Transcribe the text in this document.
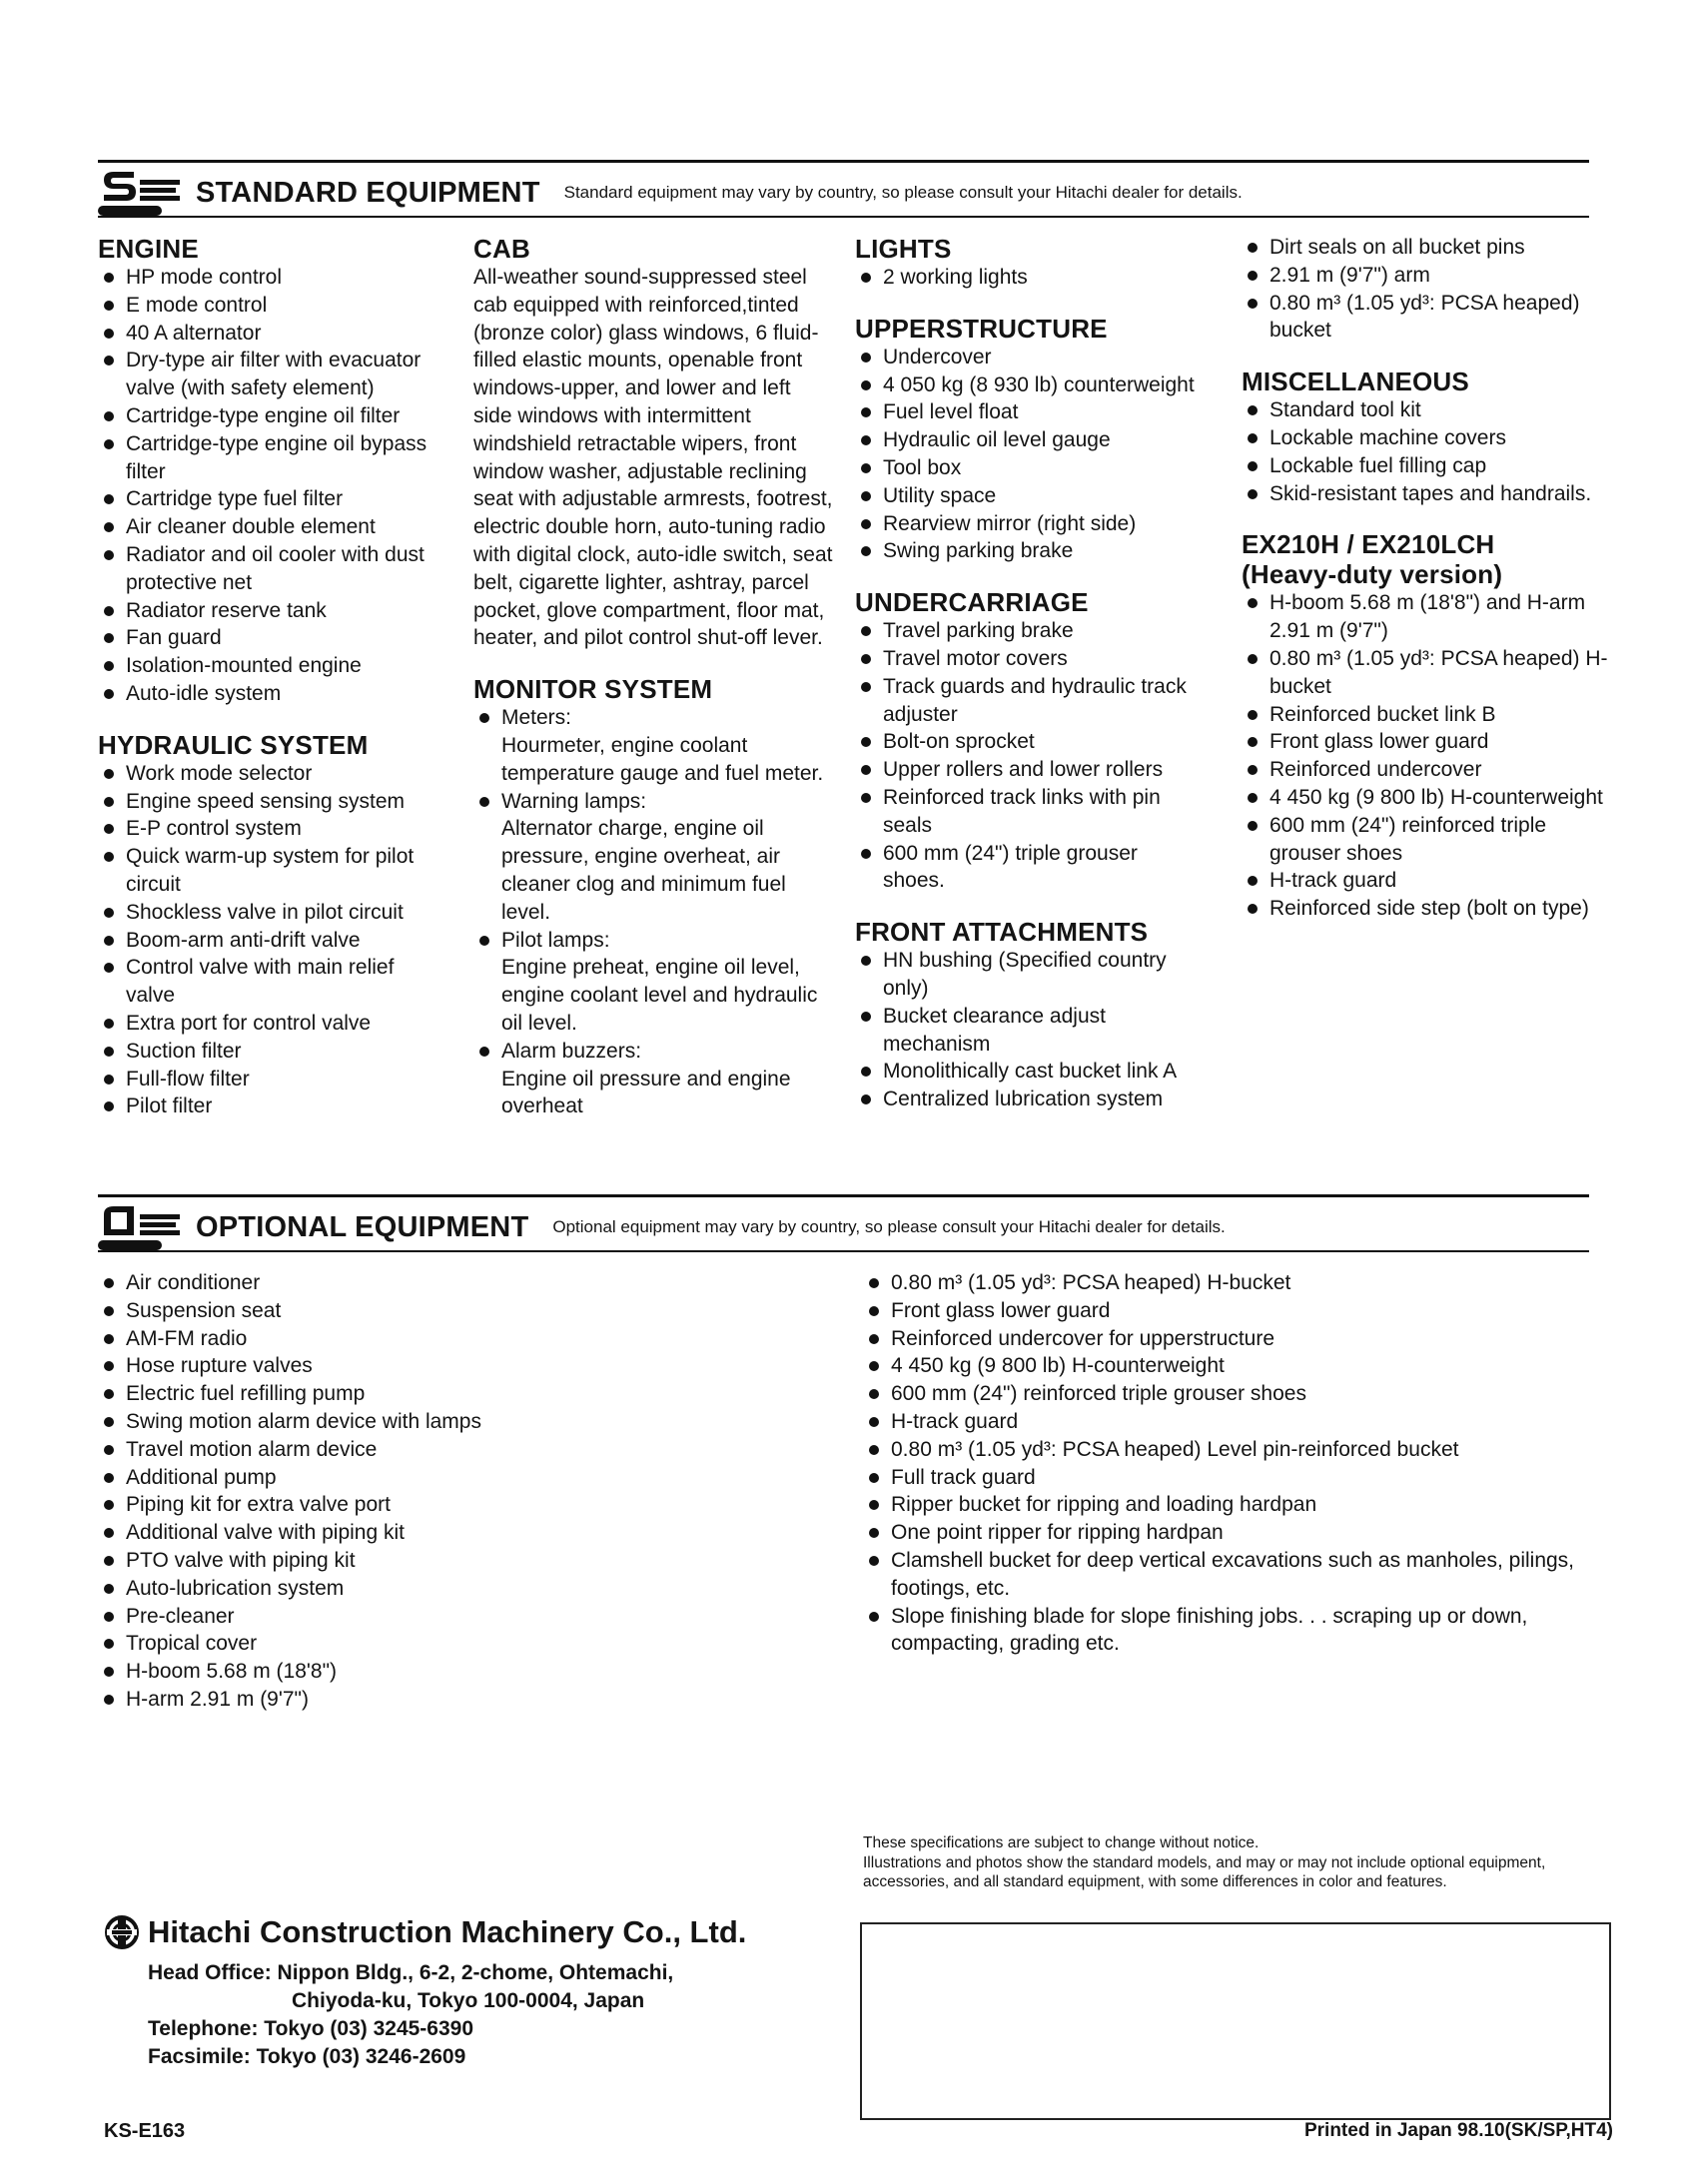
STANDARD EQUIPMENT Standard equipment may vary by country, so please consult your Hitachi dealer for details.
ENGINE
HP mode control
E mode control
40 A alternator
Dry-type air filter with evacuator valve (with safety element)
Cartridge-type engine oil filter
Cartridge-type engine oil bypass filter
Cartridge type fuel filter
Air cleaner double element
Radiator and oil cooler with dust protective net
Radiator reserve tank
Fan guard
Isolation-mounted engine
Auto-idle system
HYDRAULIC SYSTEM
Work mode selector
Engine speed sensing system
E-P control system
Quick warm-up system for pilot circuit
Shockless valve in pilot circuit
Boom-arm anti-drift valve
Control valve with main relief valve
Extra port for control valve
Suction filter
Full-flow filter
Pilot filter
CAB

All-weather sound-suppressed steel cab equipped with reinforced,tinted (bronze color) glass windows, 6 fluid-filled elastic mounts, openable front windows-upper, and lower and left side windows with intermittent windshield retractable wipers, front window washer, adjustable reclining seat with adjustable armrests, footrest, electric double horn, auto-tuning radio with digital clock, auto-idle switch, seat belt, cigarette lighter, ashtray, parcel pocket, glove compartment, floor mat, heater, and pilot control shut-off lever.

MONITOR SYSTEM
Meters:
Hourmeter, engine coolant temperature gauge and fuel meter.
Warning lamps:
Alternator charge, engine oil pressure, engine overheat, air cleaner clog and minimum fuel level.
Pilot lamps:
Engine preheat, engine oil level, engine coolant level and hydraulic oil level.
Alarm buzzers:
Engine oil pressure and engine overheat
LIGHTS
2 working lights
UPPERSTRUCTURE
Undercover
4 050 kg (8 930 lb) counterweight
Fuel level float
Hydraulic oil level gauge
Tool box
Utility space
Rearview mirror (right side)
Swing parking brake
UNDERCARRIAGE
Travel parking brake
Travel motor covers
Track guards and hydraulic track adjuster
Bolt-on sprocket
Upper rollers and lower rollers
Reinforced track links with pin seals
600 mm (24") triple grouser shoes.
FRONT ATTACHMENTS
HN bushing (Specified country only)
Bucket clearance adjust mechanism
Monolithically cast bucket link A
Centralized lubrication system
Dirt seals on all bucket pins
2.91 m (9'7") arm
0.80 m³ (1.05 yd³: PCSA heaped) bucket
MISCELLANEOUS
Standard tool kit
Lockable machine covers
Lockable fuel filling cap
Skid-resistant tapes and handrails.
EX210H / EX210LCH
(Heavy-duty version)
H-boom 5.68 m (18'8") and H-arm 2.91 m (9'7")
0.80 m³ (1.05 yd³: PCSA heaped) H-bucket
Reinforced bucket link B
Front glass lower guard
Reinforced undercover
4 450 kg (9 800 lb) H-counterweight
600 mm (24") reinforced triple grouser shoes
H-track guard
Reinforced side step (bolt on type)
OPTIONAL EQUIPMENT Optional equipment may vary by country, so please consult your Hitachi dealer for details.
Air conditioner
Suspension seat
AM-FM radio
Hose rupture valves
Electric fuel refilling pump
Swing motion alarm device with lamps
Travel motion alarm device
Additional pump
Piping kit for extra valve port
Additional valve with piping kit
PTO valve with piping kit
Auto-lubrication system
Pre-cleaner
Tropical cover
H-boom 5.68 m (18'8")
H-arm 2.91 m (9'7")
0.80 m³ (1.05 yd³: PCSA heaped) H-bucket
Front glass lower guard
Reinforced undercover for upperstructure
4 450 kg (9 800 lb) H-counterweight
600 mm (24") reinforced triple grouser shoes
H-track guard
0.80 m³ (1.05 yd³: PCSA heaped) Level pin-reinforced bucket
Full track guard
Ripper bucket for ripping and loading hardpan
One point ripper for ripping hardpan
Clamshell bucket for deep vertical excavations such as manholes, pilings, footings, etc.
Slope finishing blade for slope finishing jobs. . . scraping up or down, compacting, grading etc.
These specifications are subject to change without notice.
Illustrations and photos show the standard models, and may or may not include optional equipment, accessories, and all standard equipment, with some differences in color and features.
Hitachi Construction Machinery Co., Ltd.
Head Office: Nippon Bldg., 6-2, 2-chome, Ohtemachi,
Chiyoda-ku, Tokyo 100-0004, Japan
Telephone: Tokyo (03) 3245-6390
Facsimile: Tokyo (03) 3246-2609
KS-E163	Printed in Japan 98.10(SK/SP,HT4)
